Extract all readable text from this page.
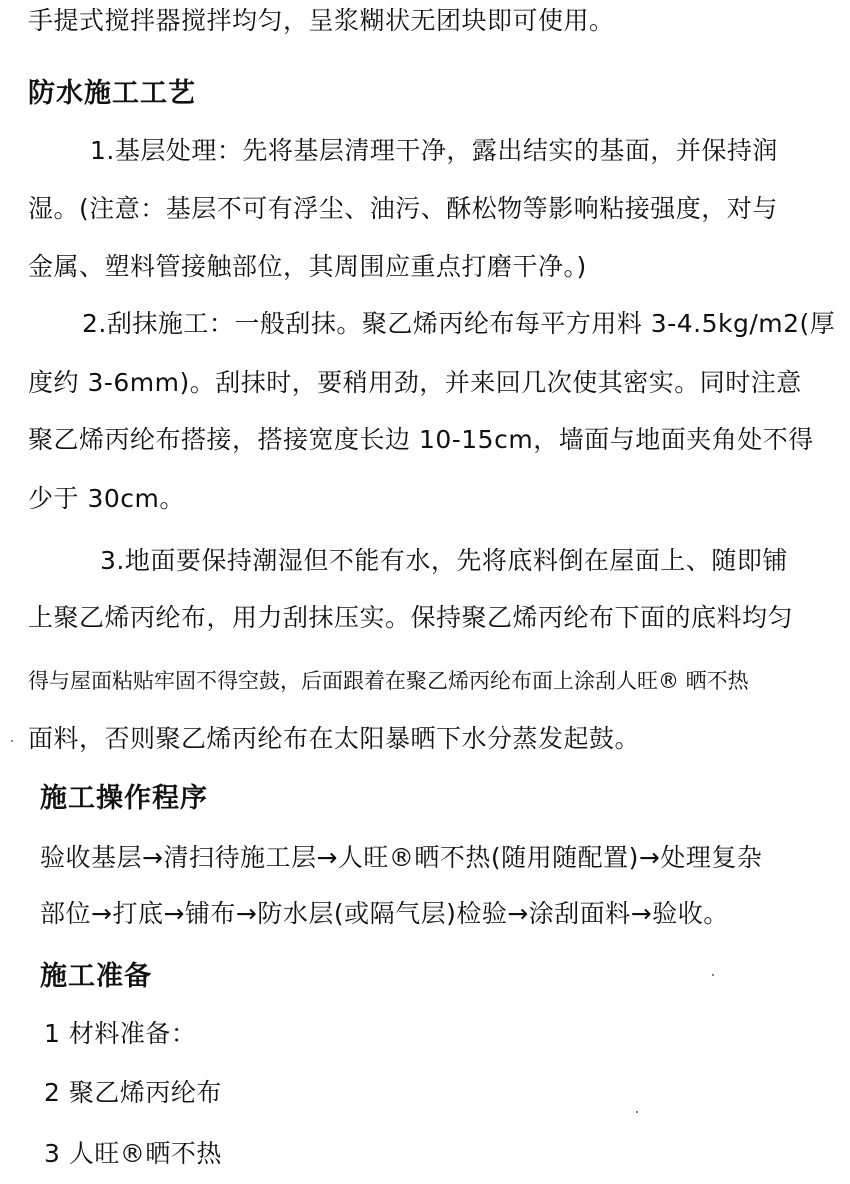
手提式搅拌器搅拌均匀，呈浆糊状无团块即可使用。
防水施工工艺
1.基层处理：先将基层清理干净，露出结实的基面，并保持润
湿。(注意：基层不可有浮尘、油污、酥松物等影响粘接强度，对与
金属、塑料管接触部位，其周围应重点打磨干净。)
2.刮抹施工：一般刮抹。聚乙烯丙纶布每平方用料 3-4.5kg/m2(厚
度约 3-6mm)。刮抹时，要稍用劲，并来回几次使其密实。同时注意
聚乙烯丙纶布搭接，搭接宽度长边 10-15cm，墙面与地面夹角处不得
少于 30cm。
3.地面要保持潮湿但不能有水，先将底料倒在屋面上、随即铺
上聚乙烯丙纶布，用力刮抹压实。保持聚乙烯丙纶布下面的底料均匀
得与屋面粘贴牢固不得空鼓，后面跟着在聚乙烯丙纶布面上涂刮人旺® 晒不热
面料，否则聚乙烯丙纶布在太阳暴晒下水分蒸发起鼓。
施工操作程序
验收基层→清扫待施工层→人旺®晒不热(随用随配置)→处理复杂
部位→打底→铺布→防水层(或隔气层)检验→涂刮面料→验收。
施工准备
1 材料准备：
2 聚乙烯丙纶布
3 人旺®晒不热
